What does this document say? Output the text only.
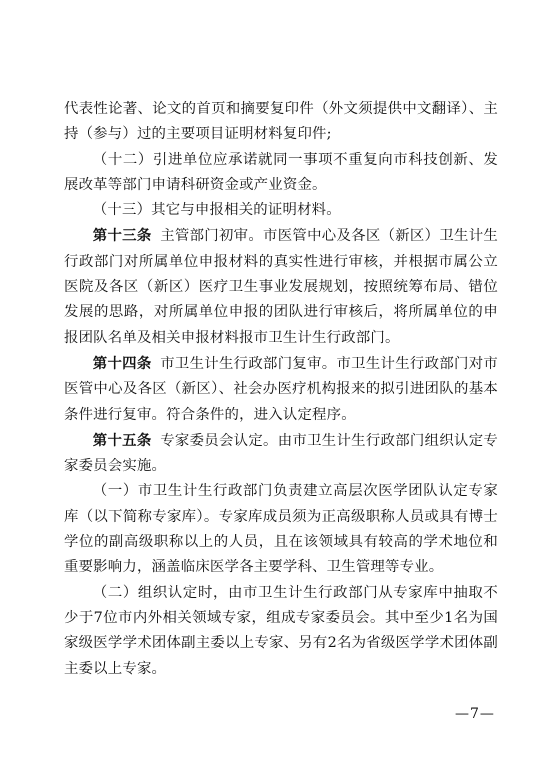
代表性论著、论文的首页和摘要复印件（外文须提供中文翻译）、主持（参与）过的主要项目证明材料复印件;

（十二）引进单位应承诺就同一事项不重复向市科技创新、发展改革等部门申请科研资金或产业资金。

（十三）其它与申报相关的证明材料。

第十三条 主管部门初审。市医管中心及各区（新区）卫生计生行政部门对所属单位申报材料的真实性进行审核，并根据市属公立医院及各区（新区）医疗卫生事业发展规划，按照统筹布局、错位发展的思路，对所属单位申报的团队进行审核后，将所属单位的申报团队名单及相关申报材料报市卫生计生行政部门。

第十四条 市卫生计生行政部门复审。市卫生计生行政部门对市医管中心及各区（新区）、社会办医疗机构报来的拟引进团队的基本条件进行复审。符合条件的，进入认定程序。

第十五条 专家委员会认定。由市卫生计生行政部门组织认定专家委员会实施。

（一）市卫生计生行政部门负责建立高层次医学团队认定专家库（以下简称专家库）。专家库成员须为正高级职称人员或具有博士学位的副高级职称以上的人员，且在该领域具有较高的学术地位和重要影响力，涵盖临床医学各主要学科、卫生管理等专业。

（二）组织认定时，由市卫生计生行政部门从专家库中抽取不少于7位市内外相关领域专家，组成专家委员会。其中至少1名为国家级医学学术团体副主委以上专家、另有2名为省级医学学术团体副主委以上专家。

—7—
